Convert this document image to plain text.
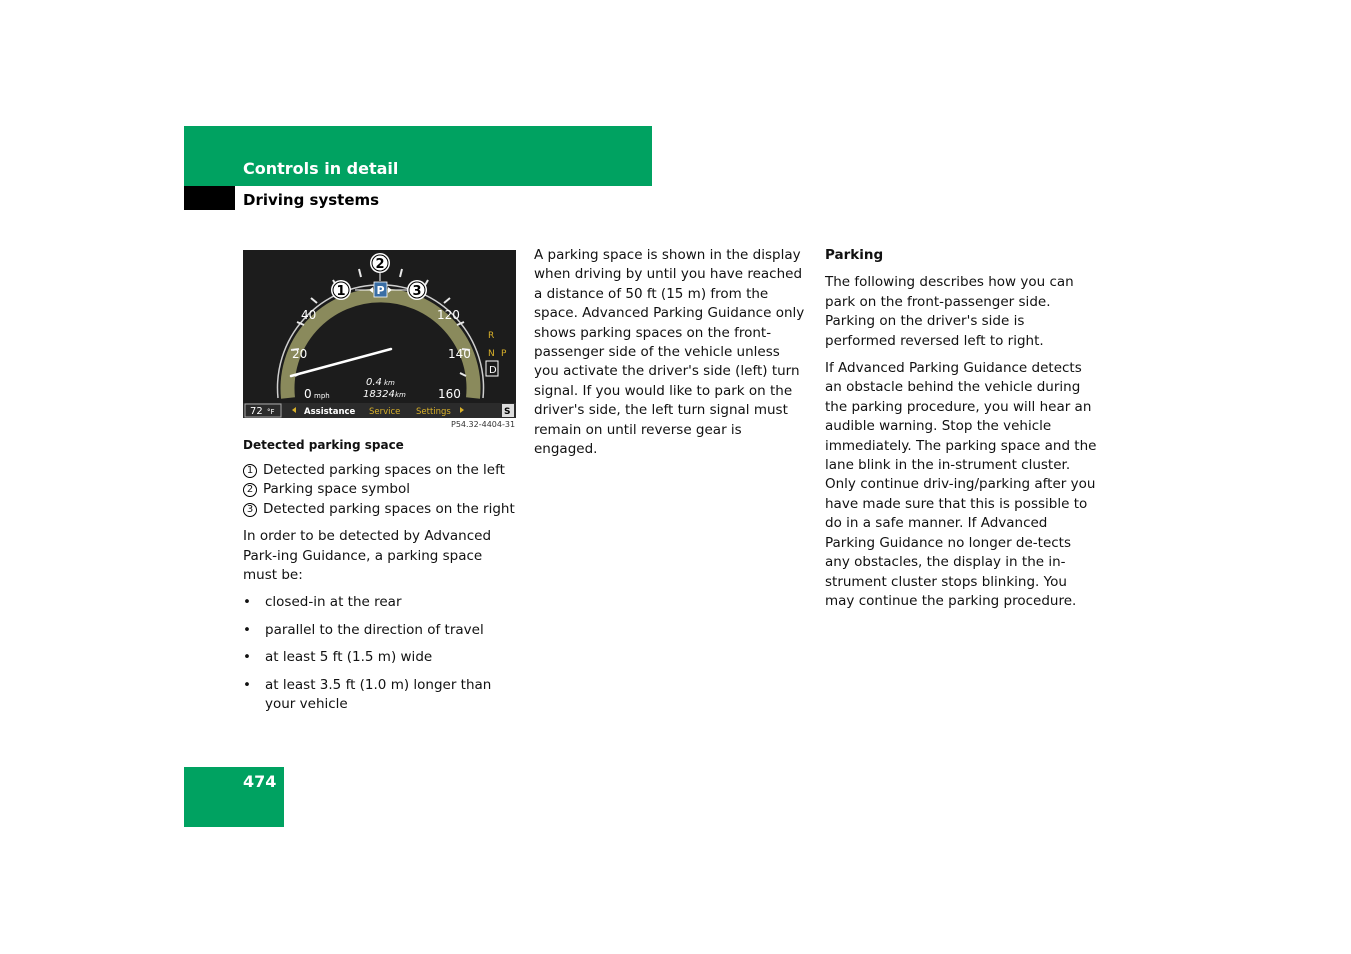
Controls in detail
Driving systems
1
2
3
P
20
40	120
140
160
0 mph
0.4 km
18324 km
R
N P
D
72 °F	Assistance Service Settings	S
P54.32-4404-31
Detected parking space
1 Detected parking spaces on the left
2 Parking space symbol
3 Detected parking spaces on the right

In order to be detected by Advanced Park-ing Guidance, a parking space must be:

• closed-in at the rear
• parallel to the direction of travel
• at least 5 ft (1.5 m) wide
• at least 3.5 ft (1.0 m) longer than your vehicle

A parking space is shown in the display when driving by until you have reached a distance of 50 ft (15 m) from the space. Advanced Parking Guidance only shows parking spaces on the front-passenger side of the vehicle unless you activate the driver's side (left) turn signal. If you would like to park on the driver's side, the left turn signal must remain on until reverse gear is engaged.

Parking

The following describes how you can park on the front-passenger side. Parking on the driver's side is performed reversed left to right.

If Advanced Parking Guidance detects an obstacle behind the vehicle during the parking procedure, you will hear an audible warning. Stop the vehicle immediately. The parking space and the lane blink in the in-strument cluster. Only continue driv-ing/parking after you have made sure that this is possible to do in a safe manner. If Advanced Parking Guidance no longer de-tects any obstacles, the display in the in-strument cluster stops blinking. You may continue the parking procedure.

474
